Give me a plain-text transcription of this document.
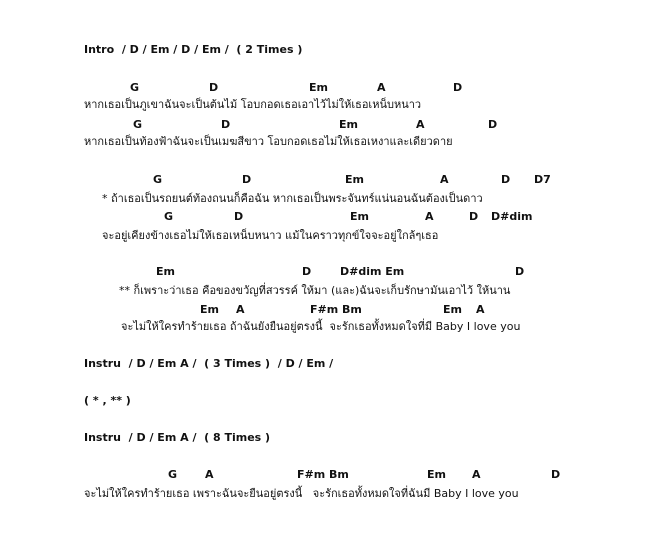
Intro  / D / Em / D / Em /  ( 2 Times )
G	D	Em	A	D
หากเธอเป็นภูเขาฉันจะเป็นต้นไม้ โอบกอดเธอเอาไว้ไม่ให้เธอเหน็บหนาว
G	D	Em	A	D
หากเธอเป็นท้องฟ้าฉันจะเป็นเมฆสีขาว โอบกอดเธอไม่ให้เธอเหงาและเดียวดาย
G	D	Em	A	D D7
* ถ้าเธอเป็นรถยนต์ท้องถนนก็คือฉัน หากเธอเป็นพระจันทร์แน่นอนฉันต้องเป็นดาว
G	D	Em	A	D D#dim
จะอยู่เคียงข้างเธอไม่ให้เธอเหน็บหนาว แม้ในคราวทุกข์ใจจะอยู่ใกล้ๆเธอ
Em	D	D#dim Em	D
** ก็เพราะว่าเธอ คือของขวัญที่สวรรค์ ให้มา (และ)ฉันจะเก็บรักษามันเอาไว้ ให้นาน
Em A	F#m Bm	Em A
จะไม่ให้ใครทำร้ายเธอ ถ้าฉันยังยืนอยู่ตรงนี้  จะรักเธอทั้งหมดใจที่มี Baby I love you
Instru  / D / Em A /  ( 3 Times )  / D / Em /
( * , ** )
Instru  / D / Em A /  ( 8 Times )
G	A	F#m Bm	Em A	D
จะไม่ให้ใครทำร้ายเธอ เพราะฉันจะยืนอยู่ตรงนี้   จะรักเธอทั้งหมดใจที่ฉันมี Baby I love you
